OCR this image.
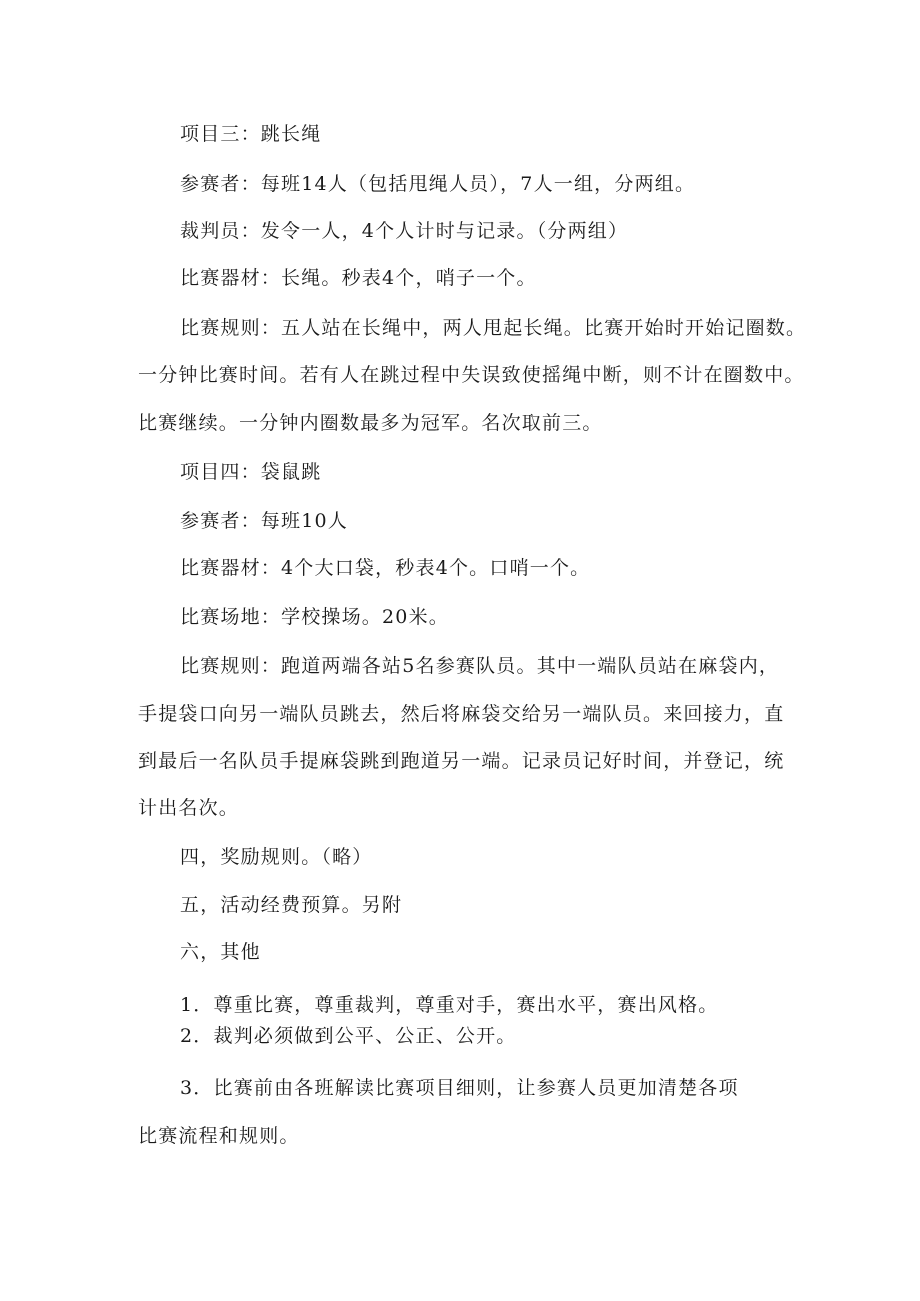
项目三：跳长绳
参赛者：每班14人（包括甩绳人员），7人一组，分两组。
裁判员：发令一人，4个人计时与记录。（分两组）
比赛器材：长绳。秒表4个，哨子一个。
比赛规则：五人站在长绳中，两人甩起长绳。比赛开始时开始记圈数。
一分钟比赛时间。若有人在跳过程中失误致使摇绳中断，则不计在圈数中。
比赛继续。一分钟内圈数最多为冠军。名次取前三。
项目四：袋鼠跳
参赛者：每班10人
比赛器材：4个大口袋，秒表4个。口哨一个。
比赛场地：学校操场。20米。
比赛规则：跑道两端各站5名参赛队员。其中一端队员站在麻袋内，
手提袋口向另一端队员跳去，然后将麻袋交给另一端队员。来回接力，直
到最后一名队员手提麻袋跳到跑道另一端。记录员记好时间，并登记，统
计出名次。
四，奖励规则。（略）
五，活动经费预算。另附
六，其他
1．尊重比赛，尊重裁判，尊重对手，赛出水平，赛出风格。
2．裁判必须做到公平、公正、公开。
3．比赛前由各班解读比赛项目细则，让参赛人员更加清楚各项
比赛流程和规则。
